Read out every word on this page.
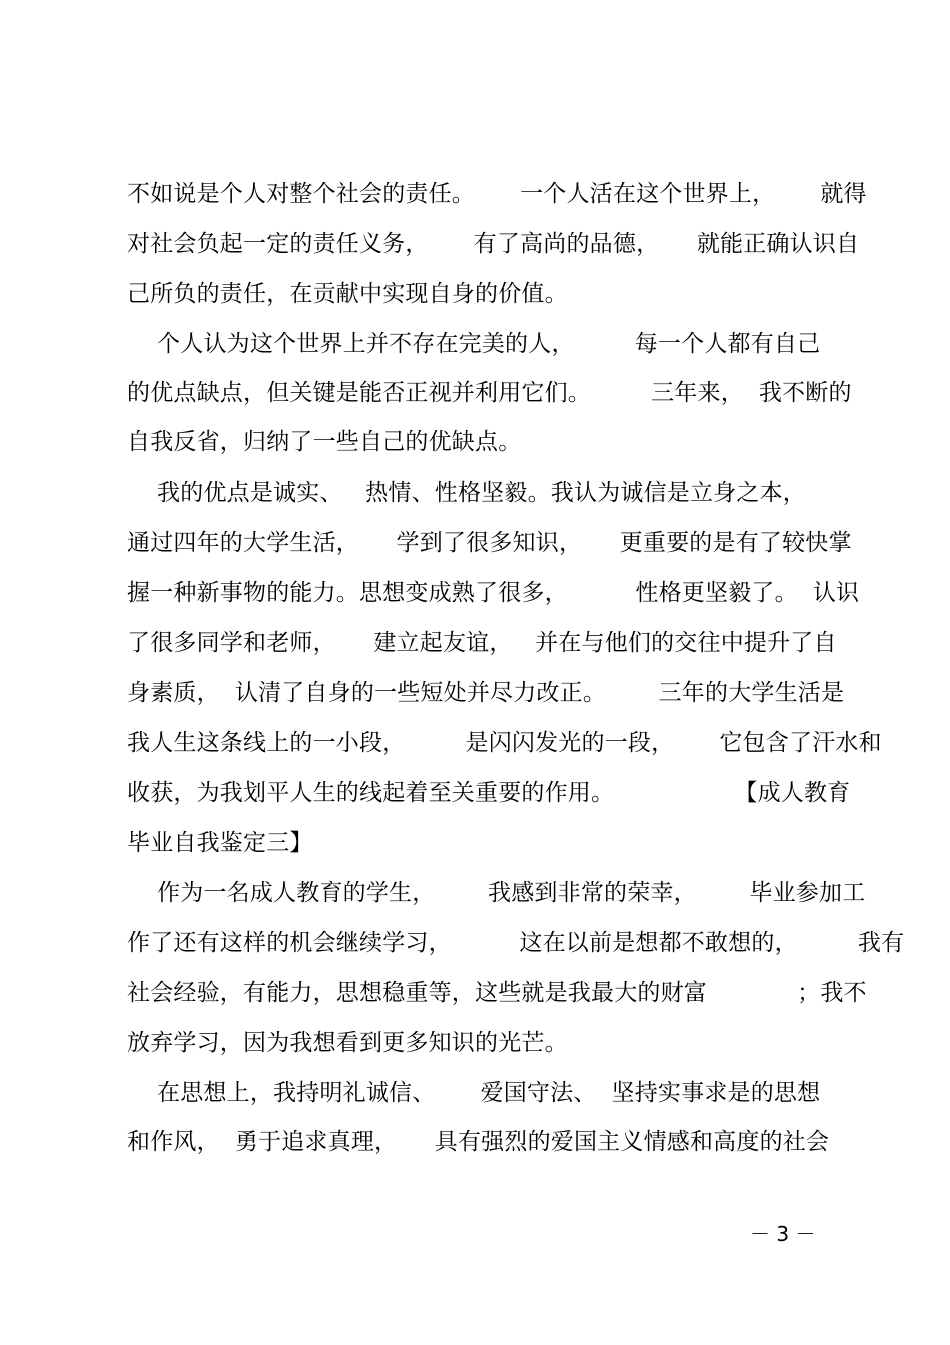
不如说是个人对整个社会的责任。      一个人活在这个世界上，      就得
对社会负起一定的责任义务，      有了高尚的品德，     就能正确认识自
己所负的责任，在贡献中实现自身的价值。
个人认为这个世界上并不存在完美的人，        每一个人都有自己
的优点缺点，但关键是能否正视并利用它们。        三年来，  我不断的
自我反省，归纳了一些自己的优缺点。
我的优点是诚实、   热情、性格坚毅。我认为诚信是立身之本，
通过四年的大学生活，     学到了很多知识，     更重要的是有了较快掌
握一种新事物的能力。思想变成熟了很多，         性格更坚毅了。  认识
了很多同学和老师，     建立起友谊，   并在与他们的交往中提升了自
身素质，  认清了自身的一些短处并尽力改正。       三年的大学生活是
我人生这条线上的一小段，        是闪闪发光的一段，      它包含了汗水和
收获，为我划平人生的线起着至关重要的作用。                【成人教育
毕业自我鉴定三】
作为一名成人教育的学生，       我感到非常的荣幸，       毕业参加工
作了还有这样的机会继续学习，         这在以前是想都不敢想的，        我有
社会经验，有能力，思想稳重等，这些就是我最大的财富            ；我不
放弃学习，因为我想看到更多知识的光芒。
在思想上，我持明礼诚信、      爱国守法、  坚持实事求是的思想
和作风，  勇于追求真理，     具有强烈的爱国主义情感和高度的社会
－ 3 －
